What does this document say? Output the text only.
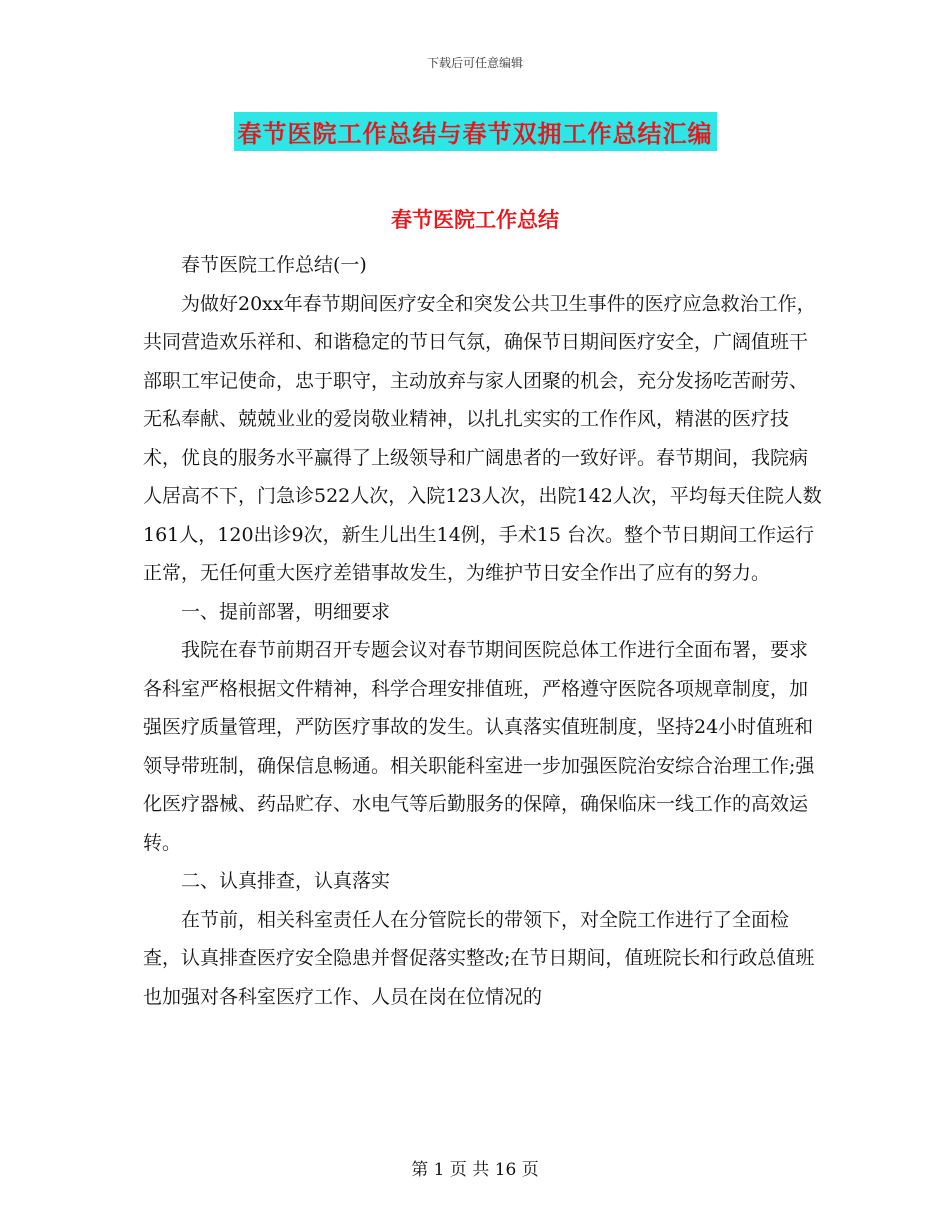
下载后可任意编辑
春节医院工作总结与春节双拥工作总结汇编
春节医院工作总结

春节医院工作总结(一)

为做好20xx年春节期间医疗安全和突发公共卫生事件的医疗应急救治工作，共同营造欢乐祥和、和谐稳定的节日气氛，确保节日期间医疗安全，广阔值班干部职工牢记使命，忠于职守，主动放弃与家人团聚的机会，充分发扬吃苦耐劳、无私奉献、兢兢业业的爱岗敬业精神，以扎扎实实的工作作风，精湛的医疗技术，优良的服务水平赢得了上级领导和广阔患者的一致好评。春节期间，我院病人居高不下，门急诊522人次，入院123人次，出院142人次，平均每天住院人数161人，120出诊9次，新生儿出生14例，手术15 台次。整个节日期间工作运行正常，无任何重大医疗差错事故发生，为维护节日安全作出了应有的努力。

一、提前部署，明细要求

我院在春节前期召开专题会议对春节期间医院总体工作进行全面布署，要求各科室严格根据文件精神，科学合理安排值班，严格遵守医院各项规章制度，加强医疗质量管理，严防医疗事故的发生。认真落实值班制度，坚持24小时值班和领导带班制，确保信息畅通。相关职能科室进一步加强医院治安综合治理工作;强化医疗器械、药品贮存、水电气等后勤服务的保障，确保临床一线工作的高效运转。

二、认真排查，认真落实

在节前，相关科室责任人在分管院长的带领下，对全院工作进行了全面检查，认真排查医疗安全隐患并督促落实整改;在节日期间，值班院长和行政总值班也加强对各科室医疗工作、人员在岗在位情况的

第 1 页 共 16 页
